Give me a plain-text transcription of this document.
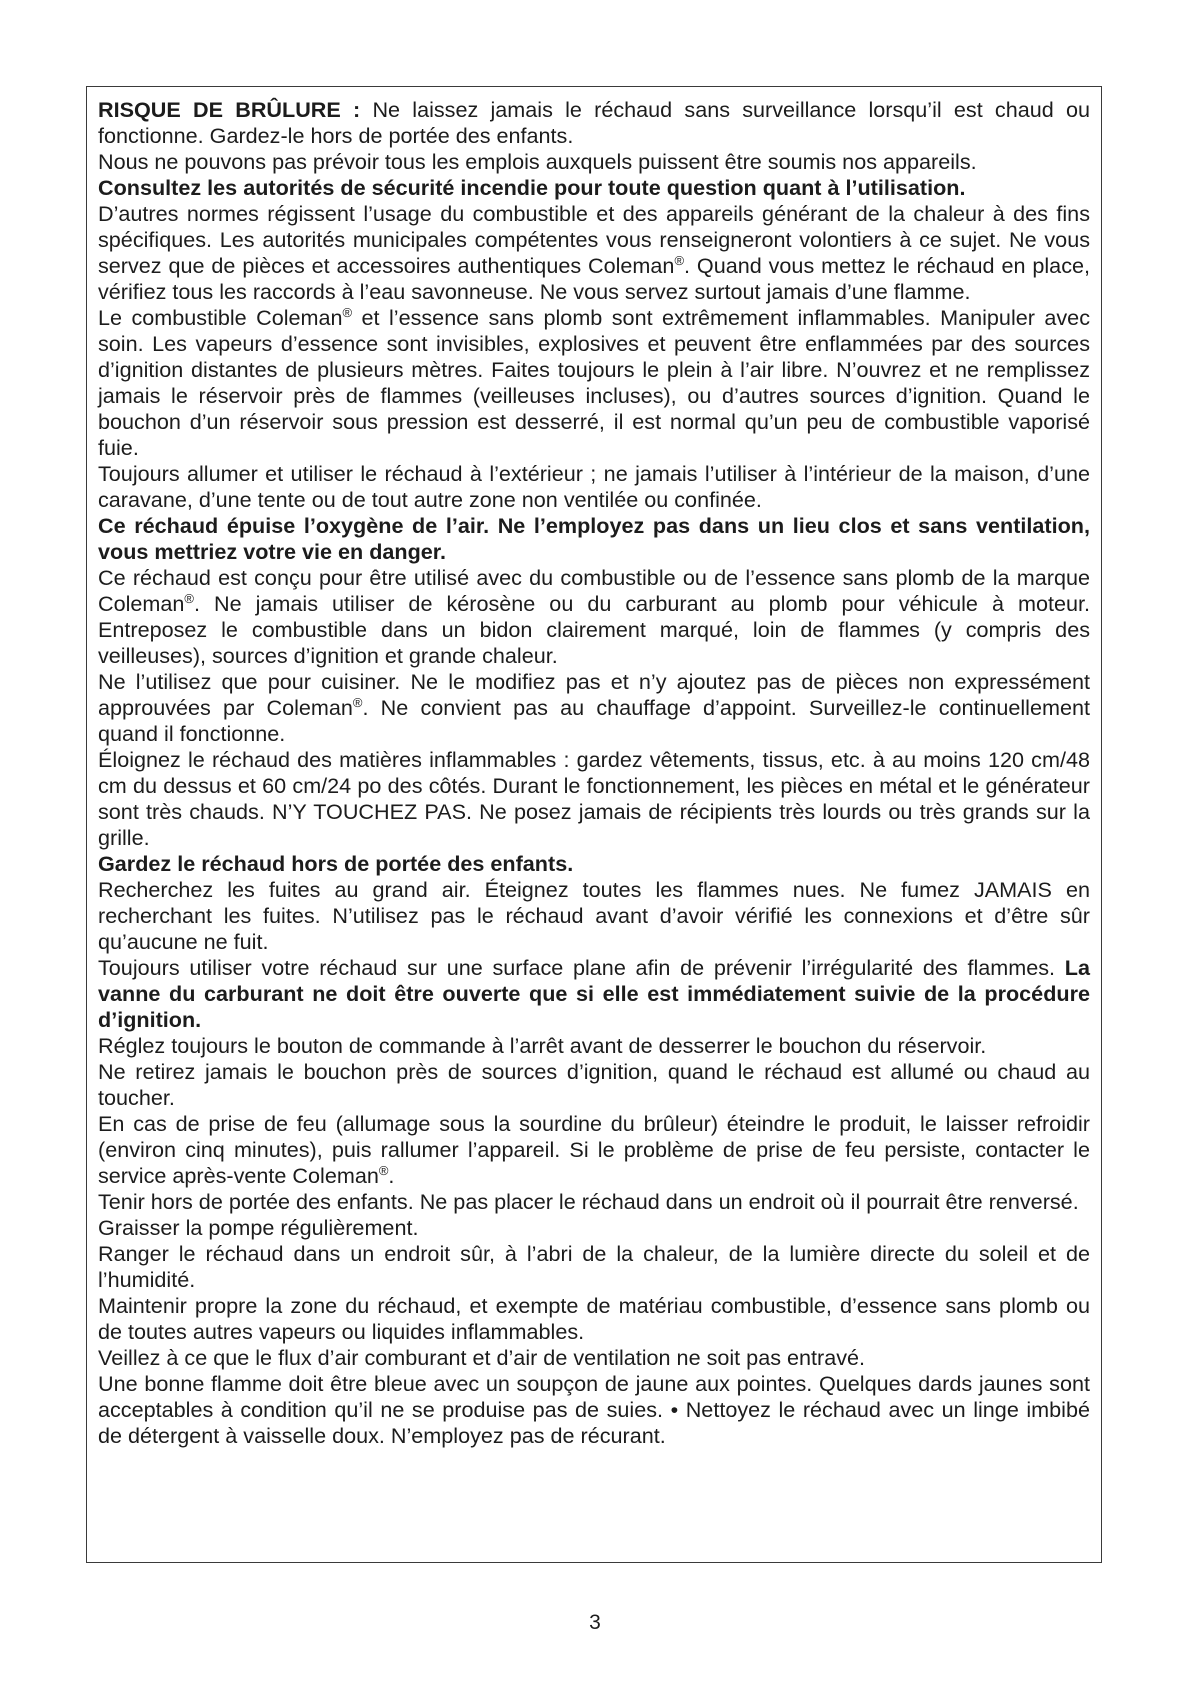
RISQUE DE BRÛLURE : Ne laissez jamais le réchaud sans surveillance lorsqu’il est chaud ou fonctionne. Gardez-le hors de portée des enfants.

Nous ne pouvons pas prévoir tous les emplois auxquels puissent être soumis nos appareils.

Consultez les autorités de sécurité incendie pour toute question quant à l’utilisation.

D’autres normes régissent l’usage du combustible et des appareils générant de la chaleur à des fins spécifiques. Les autorités municipales compétentes vous renseigneront volontiers à ce sujet. Ne vous servez que de pièces et accessoires authentiques Coleman®. Quand vous mettez le réchaud en place, vérifiez tous les raccords à l’eau savonneuse. Ne vous servez surtout jamais d’une flamme.

Le combustible Coleman® et l’essence sans plomb sont extrêmement inflammables. Manipuler avec soin. Les vapeurs d’essence sont invisibles, explosives et peuvent être enflammées par des sources d’ignition distantes de plusieurs mètres. Faites toujours le plein à l’air libre. N’ouvrez et ne remplissez jamais le réservoir près de flammes (veilleuses incluses), ou d’autres sources d’ignition. Quand le bouchon d’un réservoir sous pression est desserré, il est normal qu’un peu de combustible vaporisé fuie.

Toujours allumer et utiliser le réchaud à l’extérieur ; ne jamais l’utiliser à l’intérieur de la maison, d’une caravane, d’une tente ou de tout autre zone non ventilée ou confinée.

Ce réchaud épuise l’oxygène de l’air. Ne l’employez pas dans un lieu clos et sans ventilation, vous mettriez votre vie en danger.

Ce réchaud est conçu pour être utilisé avec du combustible ou de l’essence sans plomb de la marque Coleman®. Ne jamais utiliser de kérosène ou du carburant au plomb pour véhicule à moteur. Entreposez le combustible dans un bidon clairement marqué, loin de flammes (y compris des veilleuses), sources d’ignition et grande chaleur.

Ne l’utilisez que pour cuisiner. Ne le modifiez pas et n’y ajoutez pas de pièces non expressément approuvées par Coleman®. Ne convient pas au chauffage d’appoint. Surveillez-le continuellement quand il fonctionne.

Éloignez le réchaud des matières inflammables : gardez vêtements, tissus, etc. à au moins 120 cm/48 cm du dessus et 60 cm/24 po des côtés. Durant le fonctionnement, les pièces en métal et le générateur sont très chauds. N’Y TOUCHEZ PAS. Ne posez jamais de récipients très lourds ou très grands sur la grille.

Gardez le réchaud hors de portée des enfants.

Recherchez les fuites au grand air. Éteignez toutes les flammes nues. Ne fumez JAMAIS en recherchant les fuites. N’utilisez pas le réchaud avant d’avoir vérifié les connexions et d’être sûr qu’aucune ne fuit.

Toujours utiliser votre réchaud sur une surface plane afin de prévenir l’irrégularité des flammes. La vanne du carburant ne doit être ouverte que si elle est immédiatement suivie de la procédure d’ignition.

Réglez toujours le bouton de commande à l’arrêt avant de desserrer le bouchon du réservoir.

Ne retirez jamais le bouchon près de sources d’ignition, quand le réchaud est allumé ou chaud au toucher.

En cas de prise de feu (allumage sous la sourdine du brûleur) éteindre le produit, le laisser refroidir (environ cinq minutes), puis rallumer l’appareil. Si le problème de prise de feu persiste, contacter le service après-vente Coleman®.

Tenir hors de portée des enfants. Ne pas placer le réchaud dans un endroit où il pourrait être renversé.

Graisser la pompe régulièrement.

Ranger le réchaud dans un endroit sûr, à l’abri de la chaleur, de la lumière directe du soleil et de l’humidité.

Maintenir propre la zone du réchaud, et exempte de matériau combustible, d’essence sans plomb ou de toutes autres vapeurs ou liquides inflammables.

Veillez à ce que le flux d’air comburant et d’air de ventilation ne soit pas entravé.

Une bonne flamme doit être bleue avec un soupçon de jaune aux pointes. Quelques dards jaunes sont acceptables à condition qu’il ne se produise pas de suies. • Nettoyez le réchaud avec un linge imbibé de détergent à vaisselle doux. N’employez pas de récurant.

3
